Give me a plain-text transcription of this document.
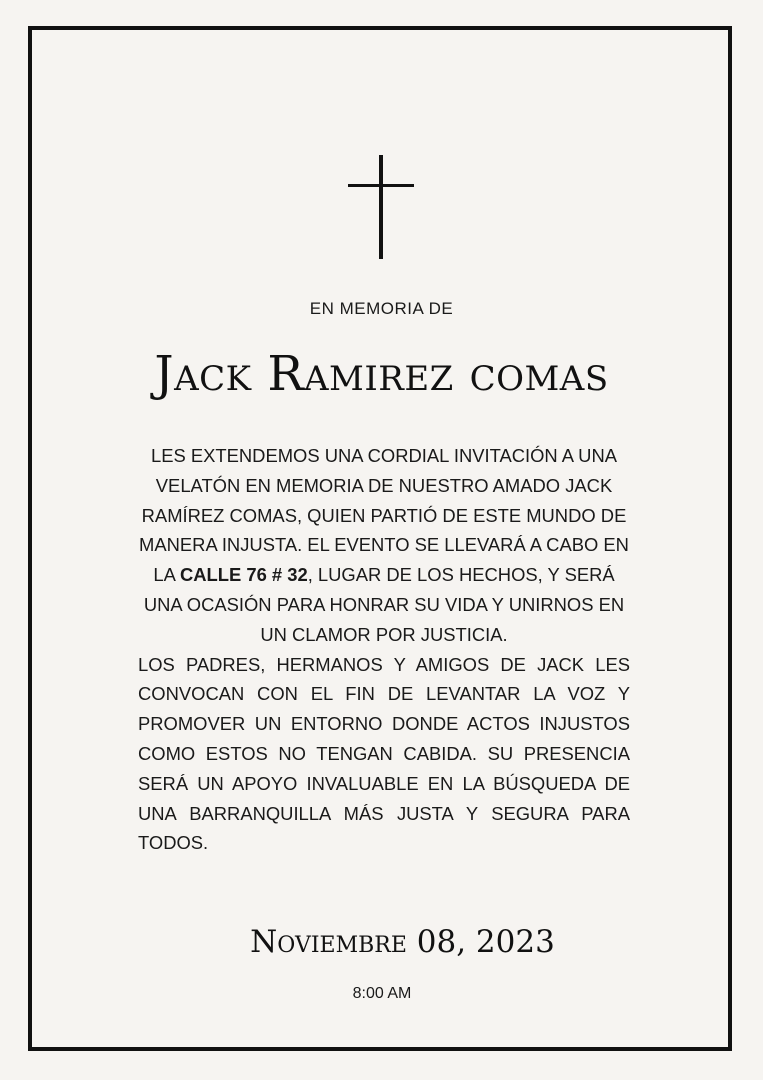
EN MEMORIA DE
Jack Ramirez comas

LES EXTENDEMOS UNA CORDIAL INVITACIÓN A UNA VELATÓN EN MEMORIA DE NUESTRO AMADO JACK RAMÍREZ COMAS, QUIEN PARTIÓ DE ESTE MUNDO DE MANERA INJUSTA. EL EVENTO SE LLEVARÁ A CABO EN LA CALLE 76 # 32, LUGAR DE LOS HECHOS, Y SERÁ UNA OCASIÓN PARA HONRAR SU VIDA Y UNIRNOS EN UN CLAMOR POR JUSTICIA.

LOS PADRES, HERMANOS Y AMIGOS DE JACK LES CONVOCAN CON EL FIN DE LEVANTAR LA VOZ Y PROMOVER UN ENTORNO DONDE ACTOS INJUSTOS COMO ESTOS NO TENGAN CABIDA. SU PRESENCIA SERÁ UN APOYO INVALUABLE EN LA BÚSQUEDA DE UNA BARRANQUILLA MÁS JUSTA Y SEGURA PARA TODOS.

Noviembre 08, 2023
8:00 AM
